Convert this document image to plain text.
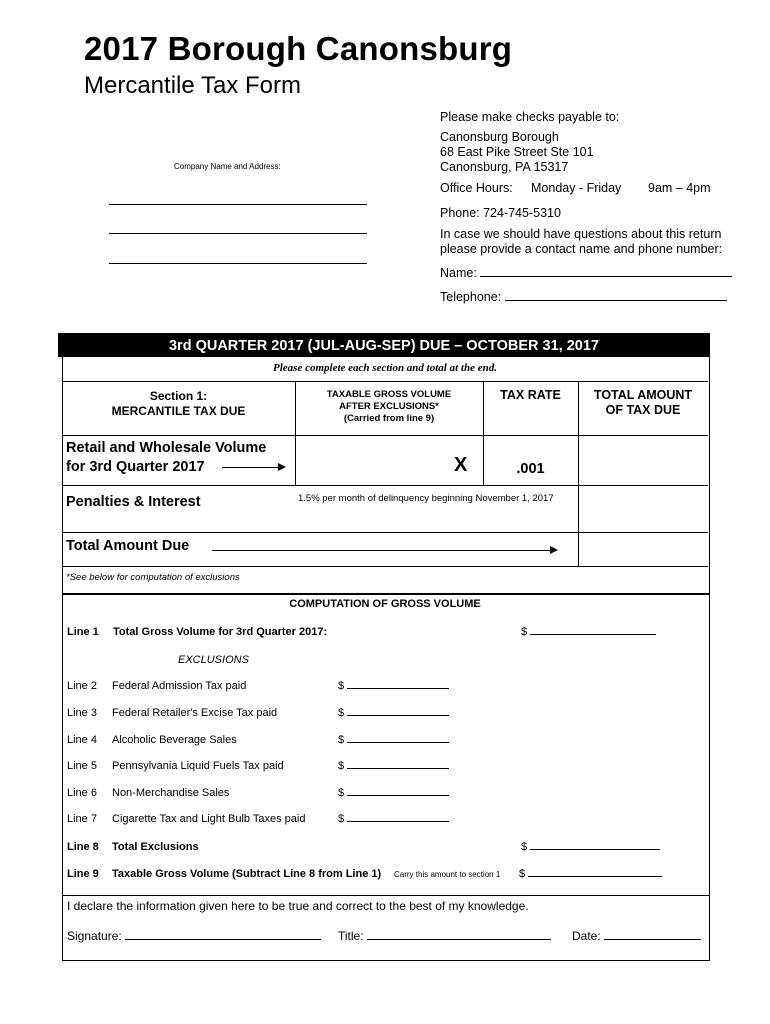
2017 Borough Canonsburg
Mercantile Tax Form
Please make checks payable to:
Canonsburg Borough
68 East Pike Street Ste 101
Canonsburg, PA 15317
Office Hours: Monday - Friday 9am – 4pm
Phone: 724-745-5310
In case we should have questions about this return
please provide a contact name and phone number:
Name:
Telephone:
Company Name and Address:
3rd QUARTER 2017 (JUL-AUG-SEP) DUE – OCTOBER 31, 2017
Please complete each section and total at the end.
Section 1:
MERCANTILE TAX DUE
TAXABLE GROSS VOLUME
AFTER EXCLUSIONS*
(Carried from line 9)
TAX RATE	TOTAL AMOUNT
OF TAX DUE
Retail and Wholesale Volume
for 3rd Quarter 2017	X	.001
Penalties & Interest	1.5% per month of delinquency beginning November 1, 2017
Total Amount Due
*See below for computation of exclusions
COMPUTATION OF GROSS VOLUME
Line 1 Total Gross Volume for 3rd Quarter 2017:	$
EXCLUSIONS
Line 2 Federal Admission Tax paid	$
Line 3 Federal Retailer's Excise Tax paid	$
Line 4 Alcoholic Beverage Sales	$
Line 5 Pennsylvania Liquid Fuels Tax paid	$
Line 6 Non-Merchandise Sales	$
Line 7 Cigarette Tax and Light Bulb Taxes paid	$
Line 8 Total Exclusions	$
Line 9 Taxable Gross Volume (Subtract Line 8 from Line 1) Carry this amount to section 1 $
I declare the information given here to be true and correct to the best of my knowledge.
Signature:	Title:	Date:
